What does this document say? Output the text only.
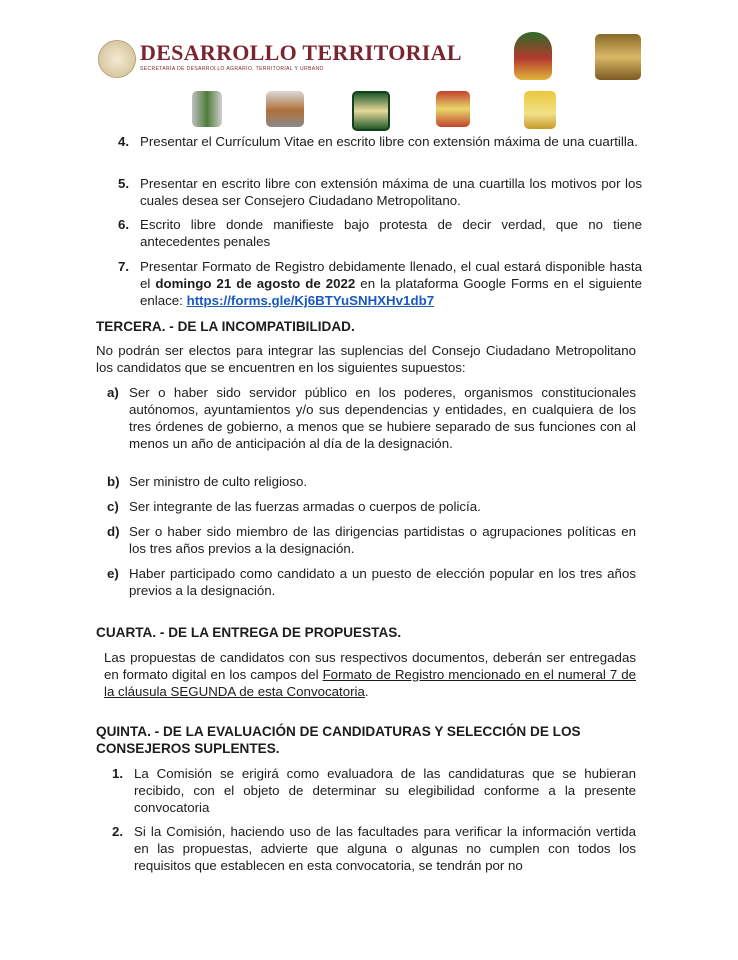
DESARROLLO TERRITORIAL
SECRETARÍA DE DESARROLLO AGRARIO, TERRITORIAL Y URBANO
4. Presentar el Currículum Vitae en escrito libre con extensión máxima de una cuartilla.
5. Presentar en escrito libre con extensión máxima de una cuartilla los motivos por los cuales desea ser Consejero Ciudadano Metropolitano.
6. Escrito libre donde manifieste bajo protesta de decir verdad, que no tiene antecedentes penales
7. Presentar Formato de Registro debidamente llenado, el cual estará disponible hasta el domingo 21 de agosto de 2022 en la plataforma Google Forms en el siguiente enlace: https://forms.gle/Kj6BTYuSNHXHv1db7
TERCERA. - DE LA INCOMPATIBILIDAD.
No podrán ser electos para integrar las suplencias del Consejo Ciudadano Metropolitano los candidatos que se encuentren en los siguientes supuestos:
a) Ser o haber sido servidor público en los poderes, organismos constitucionales autónomos, ayuntamientos y/o sus dependencias y entidades, en cualquiera de los tres órdenes de gobierno, a menos que se hubiere separado de sus funciones con al menos un año de anticipación al día de la designación.
b) Ser ministro de culto religioso.
c) Ser integrante de las fuerzas armadas o cuerpos de policía.
d) Ser o haber sido miembro de las dirigencias partidistas o agrupaciones políticas en los tres años previos a la designación.
e) Haber participado como candidato a un puesto de elección popular en los tres años previos a la designación.
CUARTA. - DE LA ENTREGA DE PROPUESTAS.
Las propuestas de candidatos con sus respectivos documentos, deberán ser entregadas en formato digital en los campos del Formato de Registro mencionado en el numeral 7 de la cláusula SEGUNDA de esta Convocatoria.
QUINTA. - DE LA EVALUACIÓN DE CANDIDATURAS Y SELECCIÓN DE LOS
CONSEJEROS SUPLENTES.
1. La Comisión se erigirá como evaluadora de las candidaturas que se hubieran recibido, con el objeto de determinar su elegibilidad conforme a la presente convocatoria
2. Si la Comisión, haciendo uso de las facultades para verificar la información vertida en las propuestas, advierte que alguna o algunas no cumplen con todos los requisitos que establecen en esta convocatoria, se tendrán por no
